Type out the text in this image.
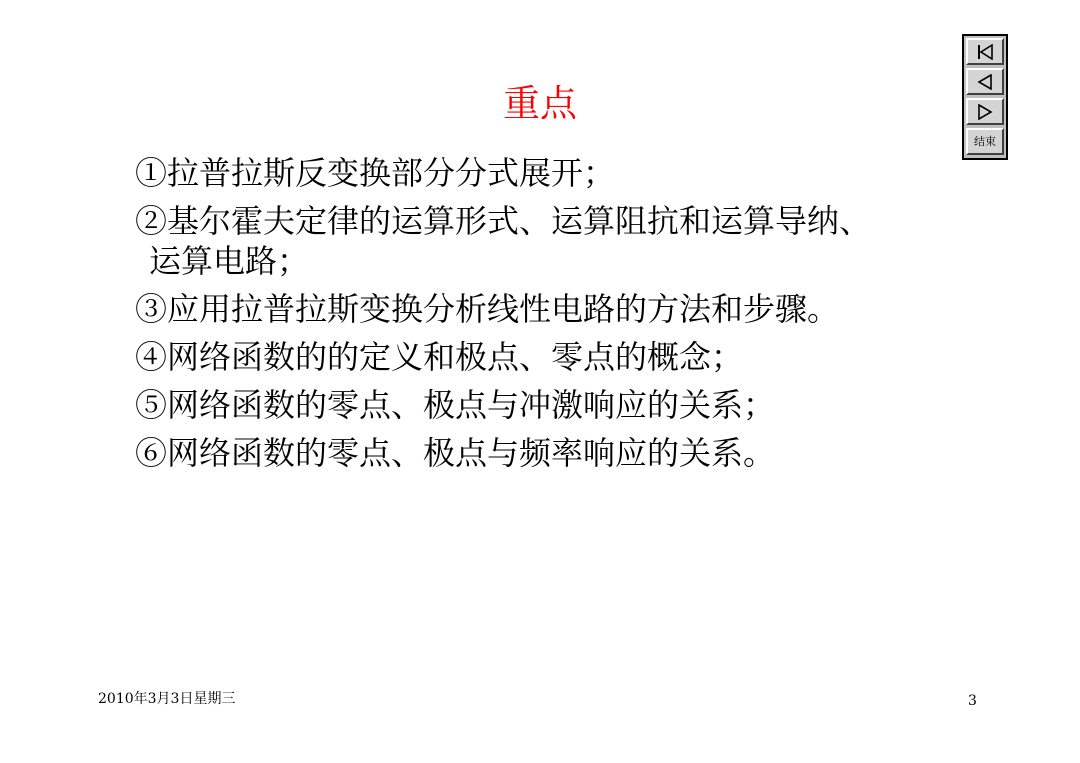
重点
①拉普拉斯反变换部分分式展开；
②基尔霍夫定律的运算形式、运算阻抗和运算导纳、
运算电路；
③应用拉普拉斯变换分析线性电路的方法和步骤。
④网络函数的的定义和极点、零点的概念；
⑤网络函数的零点、极点与冲激响应的关系；
⑥网络函数的零点、极点与频率响应的关系。
结束
2010年3月3日星期三	3
